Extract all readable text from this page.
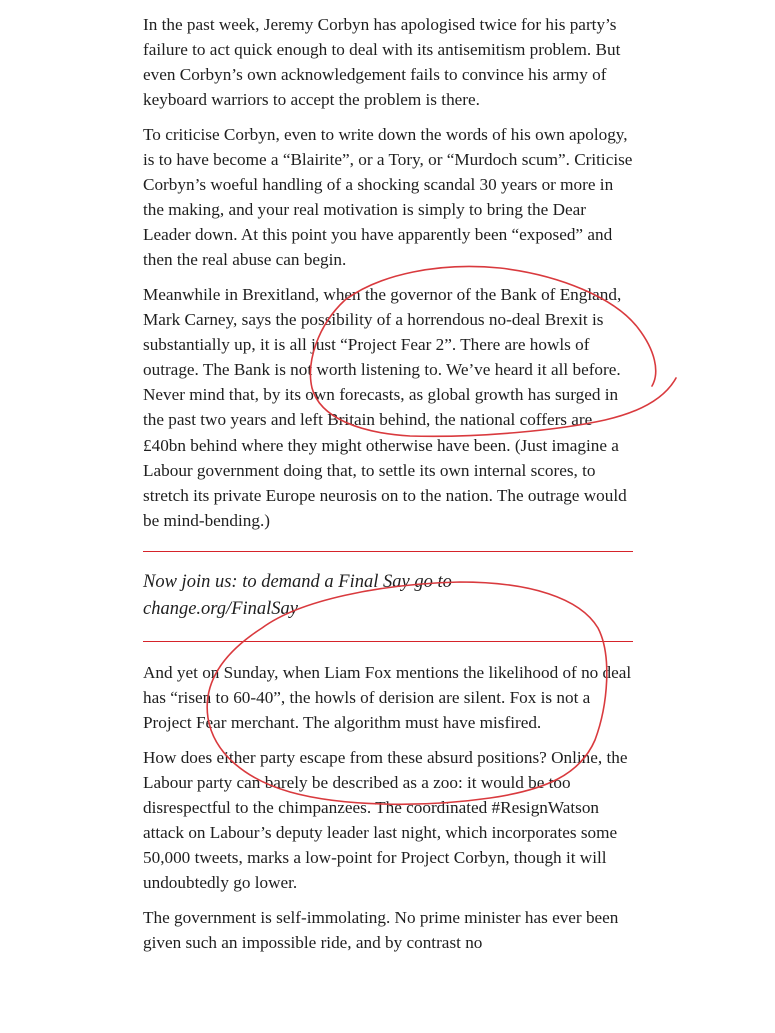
In the past week, Jeremy Corbyn has apologised twice for his party’s failure to act quick enough to deal with its antisemitism problem. But even Corbyn’s own acknowledgement fails to convince his army of keyboard warriors to accept the problem is there.

To criticise Corbyn, even to write down the words of his own apology, is to have become a “Blairite”, or a Tory, or “Murdoch scum”. Criticise Corbyn’s woeful handling of a shocking scandal 30 years or more in the making, and your real motivation is simply to bring the Dear Leader down. At this point you have apparently been “exposed” and then the real abuse can begin.

Meanwhile in Brexitland, when the governor of the Bank of England, Mark Carney, says the possibility of a horrendous no-deal Brexit is substantially up, it is all just “Project Fear 2”. There are howls of outrage. The Bank is not worth listening to. We’ve heard it all before. Never mind that, by its own forecasts, as global growth has surged in the past two years and left Britain behind, the national coffers are £40bn behind where they might otherwise have been. (Just imagine a Labour government doing that, to settle its own internal scores, to stretch its private Europe neurosis on to the nation. The outrage would be mind-bending.)

Now join us: to demand a Final Say go to
change.org/FinalSay

And yet on Sunday, when Liam Fox mentions the likelihood of no deal has “risen to 60-40”, the howls of derision are silent. Fox is not a Project Fear merchant. The algorithm must have misfired.

How does either party escape from these absurd positions? Online, the Labour party can barely be described as a zoo: it would be too disrespectful to the chimpanzees. The coordinated #ResignWatson attack on Labour’s deputy leader last night, which incorporates some 50,000 tweets, marks a low-point for Project Corbyn, though it will undoubtedly go lower.

The government is self-immolating. No prime minister has ever been given such an impossible ride, and by contrast no
